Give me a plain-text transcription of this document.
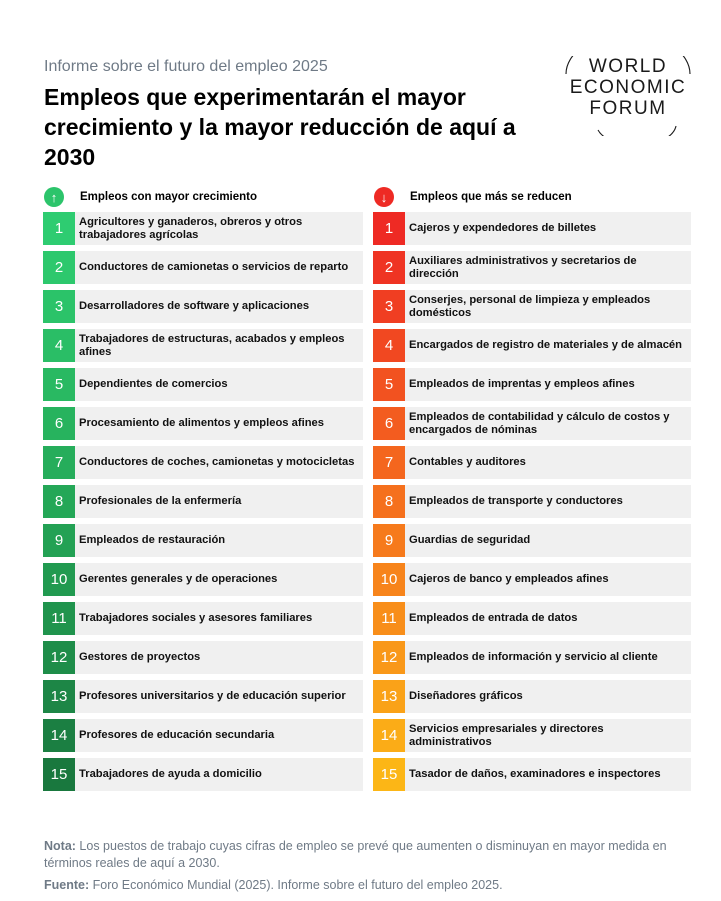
Informe sobre el futuro del empleo 2025
Empleos que experimentarán el mayor crecimiento y la mayor reducción de aquí a 2030
WORLD
ECONOMIC
FORUM
↑	Empleos con mayor crecimiento
1	Agricultores y ganaderos, obreros y otros trabajadores agrícolas
2	Conductores de camionetas o servicios de reparto
3	Desarrolladores de software y aplicaciones
4	Trabajadores de estructuras, acabados y empleos afines
5	Dependientes de comercios
6	Procesamiento de alimentos y empleos afines
7	Conductores de coches, camionetas y motocicletas
8	Profesionales de la enfermería
9	Empleados de restauración
10	Gerentes generales y de operaciones
11	Trabajadores sociales y asesores familiares
12	Gestores de proyectos
13	Profesores universitarios y de educación superior
14	Profesores de educación secundaria
15	Trabajadores de ayuda a domicilio
↓	Empleos que más se reducen
1	Cajeros y expendedores de billetes
2	Auxiliares administrativos y secretarios de dirección
3	Conserjes, personal de limpieza y empleados domésticos
4	Encargados de registro de materiales y de almacén
5	Empleados de imprentas y empleos afines
6	Empleados de contabilidad y cálculo de costos y encargados de nóminas
7	Contables y auditores
8	Empleados de transporte y conductores
9	Guardias de seguridad
10	Cajeros de banco y empleados afines
11	Empleados de entrada de datos
12	Empleados de información y servicio al cliente
13	Diseñadores gráficos
14	Servicios empresariales y directores administrativos
15	Tasador de daños, examinadores e inspectores
Nota: Los puestos de trabajo cuyas cifras de empleo se prevé que aumenten o disminuyan en mayor medida en términos reales de aquí a 2030.
Fuente: Foro Económico Mundial (2025). Informe sobre el futuro del empleo 2025.
